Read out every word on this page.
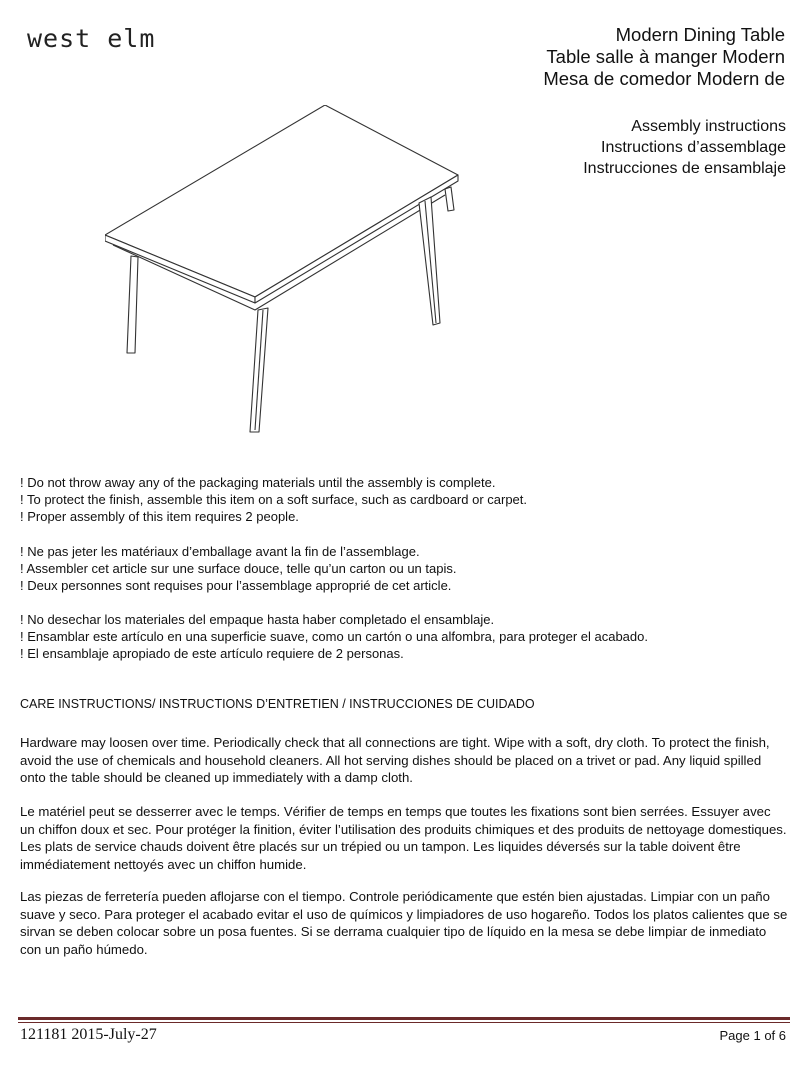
west elm	Modern Dining Table
Table salle à manger Modern
Mesa de comedor Modern de
Assembly instructions
Instructions d’assemblage
Instrucciones de ensamblaje
! Do not throw away any of the packaging materials until the assembly is complete.
! To protect the finish, assemble this item on a soft surface, such as cardboard or carpet.
! Proper assembly of this item requires 2 people.
! Ne pas jeter les matériaux d’emballage avant la fin de l’assemblage.
! Assembler cet article sur une surface douce, telle qu’un carton ou un tapis.
! Deux personnes sont requises pour l’assemblage approprié de cet article.
! No desechar los materiales del empaque hasta haber completado el ensamblaje.
! Ensamblar este artículo en una superficie suave, como un cartón o una alfombra, para proteger el acabado.
! El ensamblaje apropiado de este artículo requiere de 2 personas.
CARE INSTRUCTIONS/ INSTRUCTIONS D’ENTRETIEN / INSTRUCCIONES DE CUIDADO
Hardware may loosen over time. Periodically check that all connections are tight. Wipe with a soft, dry cloth. To protect the finish, avoid the use of chemicals and household cleaners. All hot serving dishes should be placed on a trivet or pad. Any liquid spilled onto the table should be cleaned up immediately with a damp cloth.
Le matériel peut se desserrer avec le temps. Vérifier de temps en temps que toutes les fixations sont bien serrées. Essuyer avec un chiffon doux et sec. Pour protéger la finition, éviter l’utilisation des produits chimiques et des produits de nettoyage domestiques. Les plats de service chauds doivent être placés sur un trépied ou un tampon. Les liquides déversés sur la table doivent être immédiatement nettoyés avec un chiffon humide.
Las piezas de ferretería pueden aflojarse con el tiempo. Controle periódicamente que estén bien ajustadas. Limpiar con un paño suave y seco. Para proteger el acabado evitar el uso de químicos y limpiadores de uso hogareño. Todos los platos calientes que se sirvan se deben colocar sobre un posa fuentes. Si se derrama cualquier tipo de líquido en la mesa se debe limpiar de inmediato con un paño húmedo.
121181 2015-July-27	Page 1 of 6
